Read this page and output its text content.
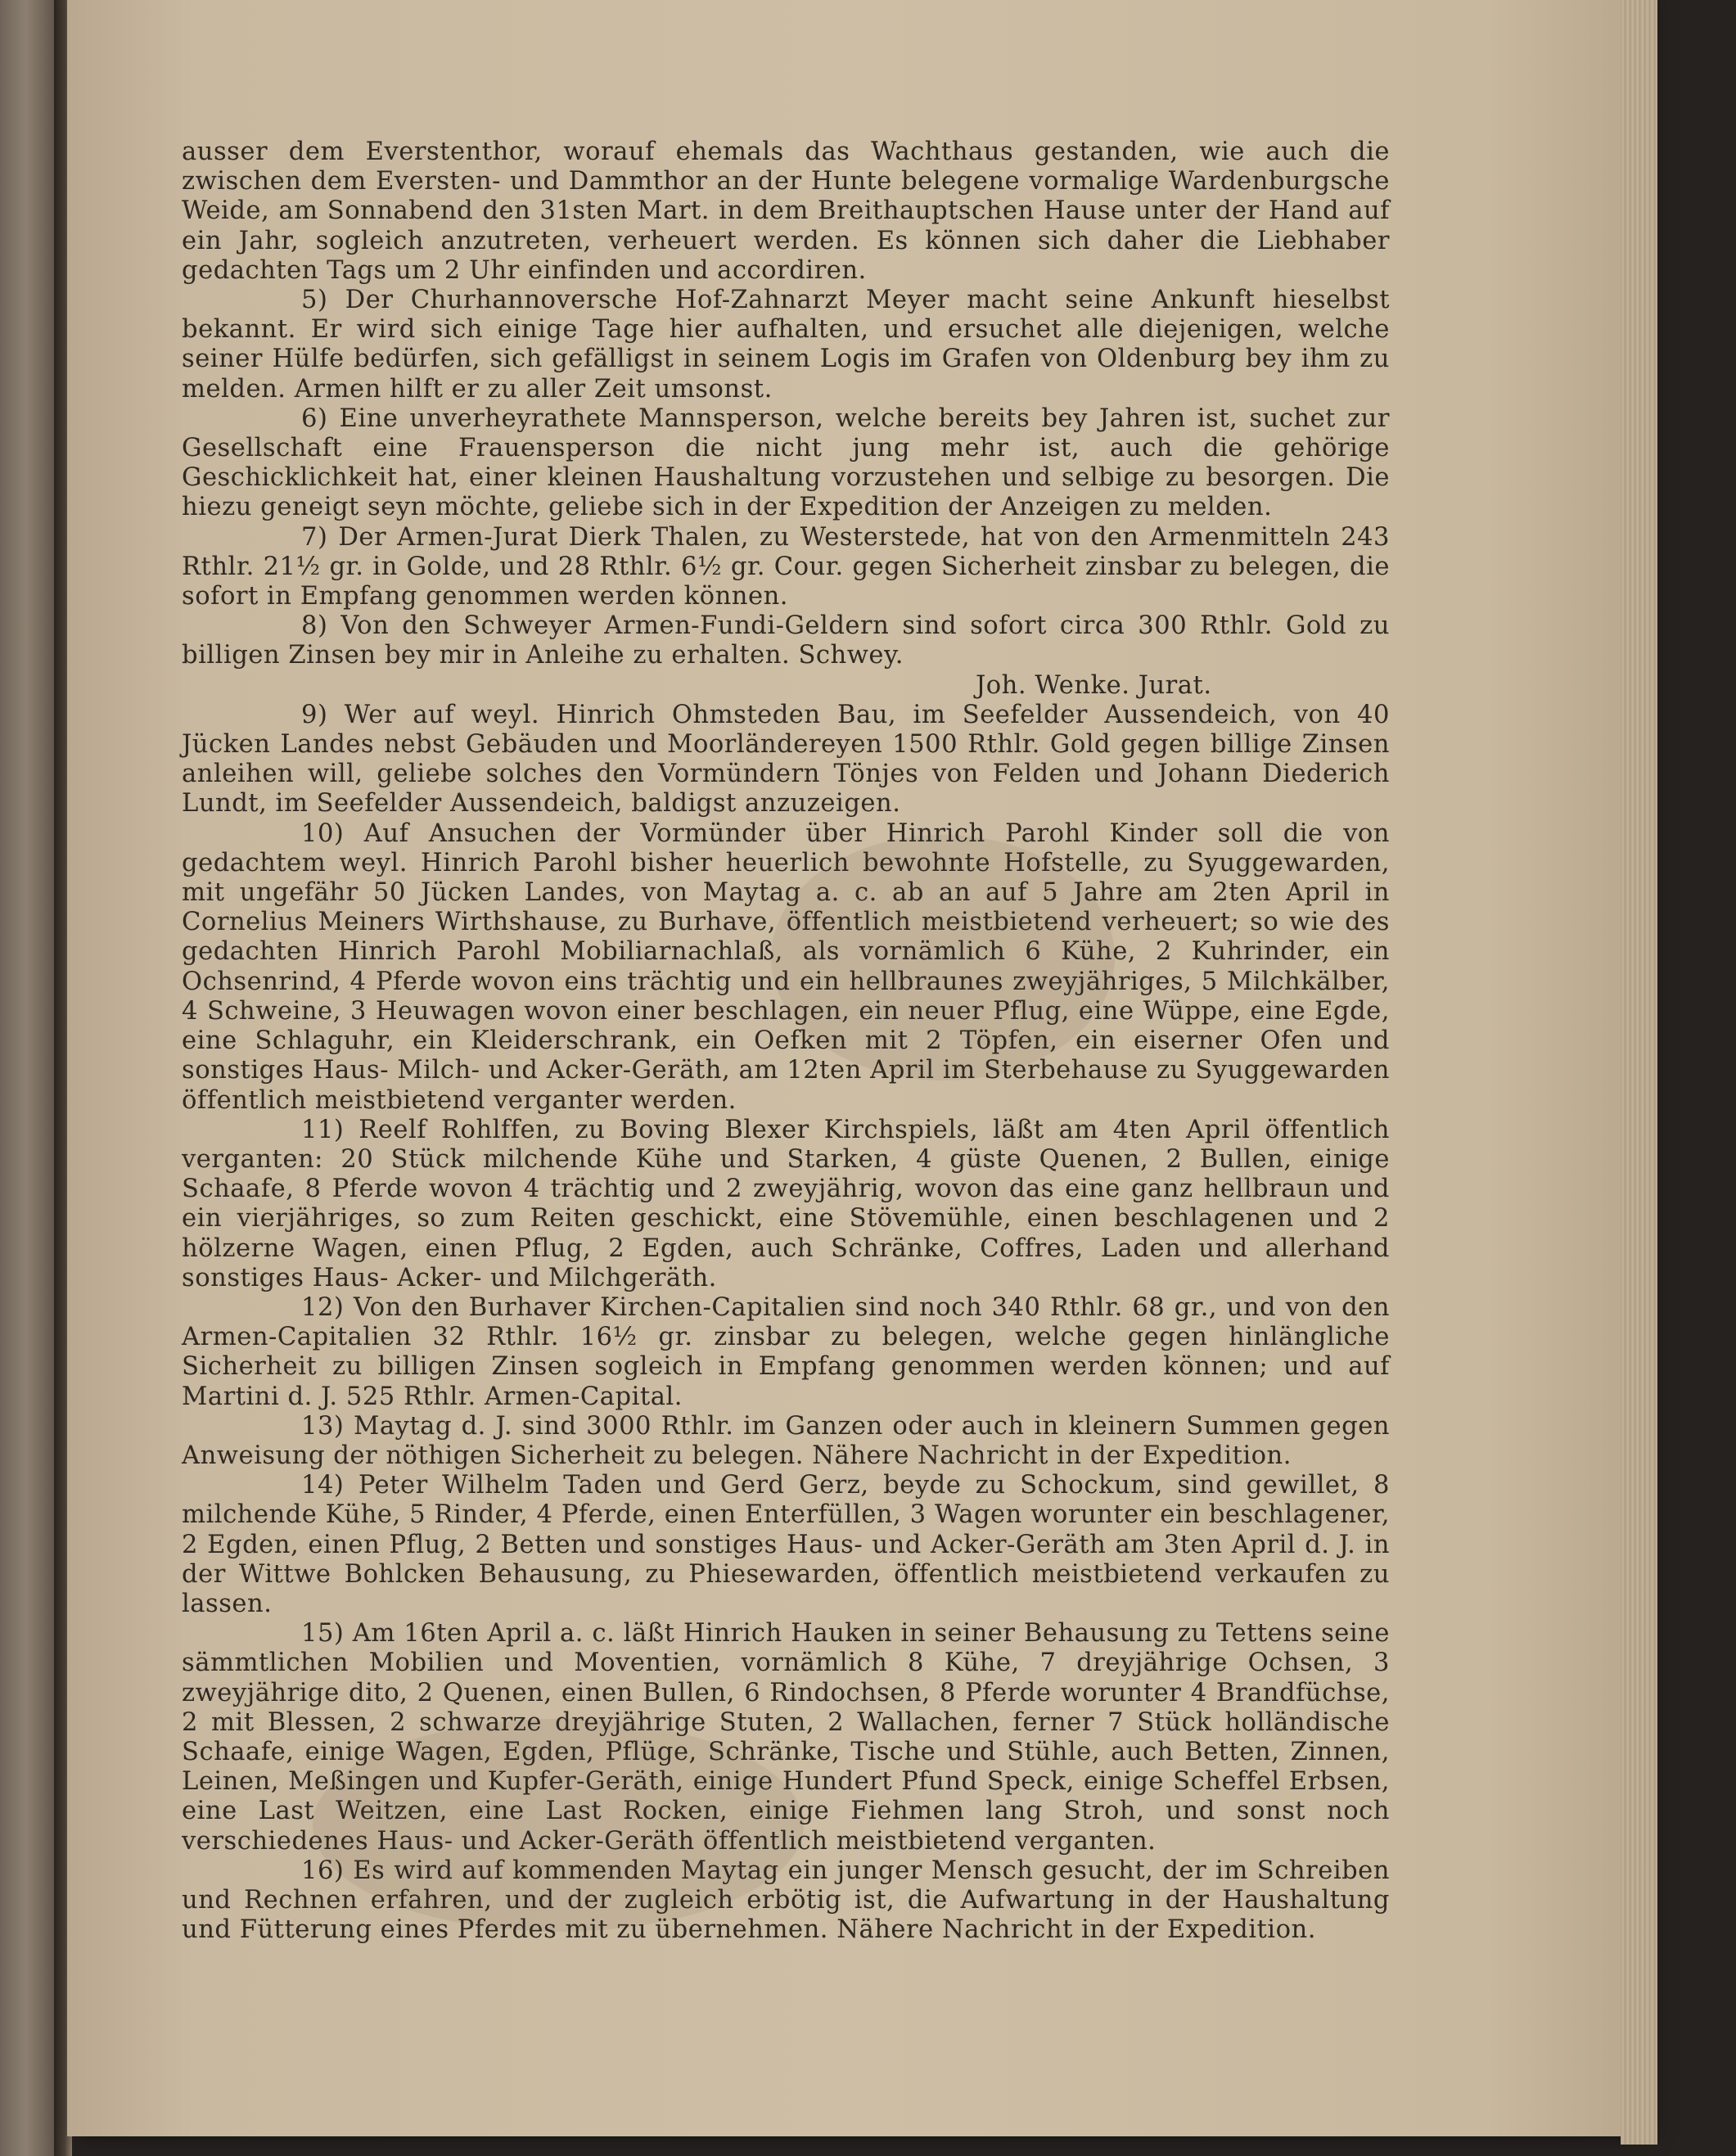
ausser dem Everstenthor, worauf ehemals das Wachthaus gestanden, wie auch die zwischen dem Eversten- und Dammthor an der Hunte belegene vormalige Wardenburgsche Weide, am Sonnabend den 31sten Mart. in dem Breithauptschen Hause unter der Hand auf ein Jahr, sogleich anzutreten, verheuert werden. Es können sich daher die Liebhaber gedachten Tags um 2 Uhr einfinden und accordiren.

5) Der Churhannoversche Hof-Zahnarzt Meyer macht seine Ankunft hieselbst bekannt. Er wird sich einige Tage hier aufhalten, und ersuchet alle diejenigen, welche seiner Hülfe bedürfen, sich gefälligst in seinem Logis im Grafen von Oldenburg bey ihm zu melden. Armen hilft er zu aller Zeit umsonst.

6) Eine unverheyrathete Mannsperson, welche bereits bey Jahren ist, suchet zur Gesellschaft eine Frauensperson die nicht jung mehr ist, auch die gehörige Geschicklichkeit hat, einer kleinen Haushaltung vorzustehen und selbige zu besorgen. Die hiezu geneigt seyn möchte, geliebe sich in der Expedition der Anzeigen zu melden.

7) Der Armen-Jurat Dierk Thalen, zu Westerstede, hat von den Armenmitteln 243 Rthlr. 21½ gr. in Golde, und 28 Rthlr. 6½ gr. Cour. gegen Sicherheit zinsbar zu belegen, die sofort in Empfang genommen werden können.

8) Von den Schweyer Armen-Fundi-Geldern sind sofort circa 300 Rthlr. Gold zu billigen Zinsen bey mir in Anleihe zu erhalten. Schwey.

Joh. Wenke. Jurat.

9) Wer auf weyl. Hinrich Ohmsteden Bau, im Seefelder Aussendeich, von 40 Jücken Landes nebst Gebäuden und Moorländereyen 1500 Rthlr. Gold gegen billige Zinsen anleihen will, geliebe solches den Vormündern Tönjes von Felden und Johann Diederich Lundt, im Seefelder Aussendeich, baldigst anzuzeigen.

10) Auf Ansuchen der Vormünder über Hinrich Parohl Kinder soll die von gedachtem weyl. Hinrich Parohl bisher heuerlich bewohnte Hofstelle, zu Syuggewarden, mit ungefähr 50 Jücken Landes, von Maytag a. c. ab an auf 5 Jahre am 2ten April in Cornelius Meiners Wirthshause, zu Burhave, öffentlich meistbietend verheuert; so wie des gedachten Hinrich Parohl Mobiliarnachlaß, als vornämlich 6 Kühe, 2 Kuhrinder, ein Ochsenrind, 4 Pferde wovon eins trächtig und ein hellbraunes zweyjähriges, 5 Milchkälber, 4 Schweine, 3 Heuwagen wovon einer beschlagen, ein neuer Pflug, eine Wüppe, eine Egde, eine Schlaguhr, ein Kleiderschrank, ein Oefken mit 2 Töpfen, ein eiserner Ofen und sonstiges Haus- Milch- und Acker-Geräth, am 12ten April im Sterbehause zu Syuggewarden öffentlich meistbietend verganter werden.

11) Reelf Rohlffen, zu Boving Blexer Kirchspiels, läßt am 4ten April öffentlich verganten: 20 Stück milchende Kühe und Starken, 4 güste Quenen, 2 Bullen, einige Schaafe, 8 Pferde wovon 4 trächtig und 2 zweyjährig, wovon das eine ganz hellbraun und ein vierjähriges, so zum Reiten geschickt, eine Stövemühle, einen beschlagenen und 2 hölzerne Wagen, einen Pflug, 2 Egden, auch Schränke, Coffres, Laden und allerhand sonstiges Haus- Acker- und Milchgeräth.

12) Von den Burhaver Kirchen-Capitalien sind noch 340 Rthlr. 68 gr., und von den Armen-Capitalien 32 Rthlr. 16½ gr. zinsbar zu belegen, welche gegen hinlängliche Sicherheit zu billigen Zinsen sogleich in Empfang genommen werden können; und auf Martini d. J. 525 Rthlr. Armen-Capital.

13) Maytag d. J. sind 3000 Rthlr. im Ganzen oder auch in kleinern Summen gegen Anweisung der nöthigen Sicherheit zu belegen. Nähere Nachricht in der Expedition.

14) Peter Wilhelm Taden und Gerd Gerz, beyde zu Schockum, sind gewillet, 8 milchende Kühe, 5 Rinder, 4 Pferde, einen Enterfüllen, 3 Wagen worunter ein beschlagener, 2 Egden, einen Pflug, 2 Betten und sonstiges Haus- und Acker-Geräth am 3ten April d. J. in der Wittwe Bohlcken Behausung, zu Phiesewarden, öffentlich meistbietend verkaufen zu lassen.

15) Am 16ten April a. c. läßt Hinrich Hauken in seiner Behausung zu Tettens seine sämmtlichen Mobilien und Moventien, vornämlich 8 Kühe, 7 dreyjährige Ochsen, 3 zweyjährige dito, 2 Quenen, einen Bullen, 6 Rindochsen, 8 Pferde worunter 4 Brandfüchse, 2 mit Blessen, 2 schwarze dreyjährige Stuten, 2 Wallachen, ferner 7 Stück holländische Schaafe, einige Wagen, Egden, Pflüge, Schränke, Tische und Stühle, auch Betten, Zinnen, Leinen, Meßingen und Kupfer-Geräth, einige Hundert Pfund Speck, einige Scheffel Erbsen, eine Last Weitzen, eine Last Rocken, einige Fiehmen lang Stroh, und sonst noch verschiedenes Haus- und Acker-Geräth öffentlich meistbietend verganten.

16) Es wird auf kommenden Maytag ein junger Mensch gesucht, der im Schreiben und Rechnen erfahren, und der zugleich erbötig ist, die Aufwartung in der Haushaltung und Fütterung eines Pferdes mit zu übernehmen. Nähere Nachricht in der Expedition.
